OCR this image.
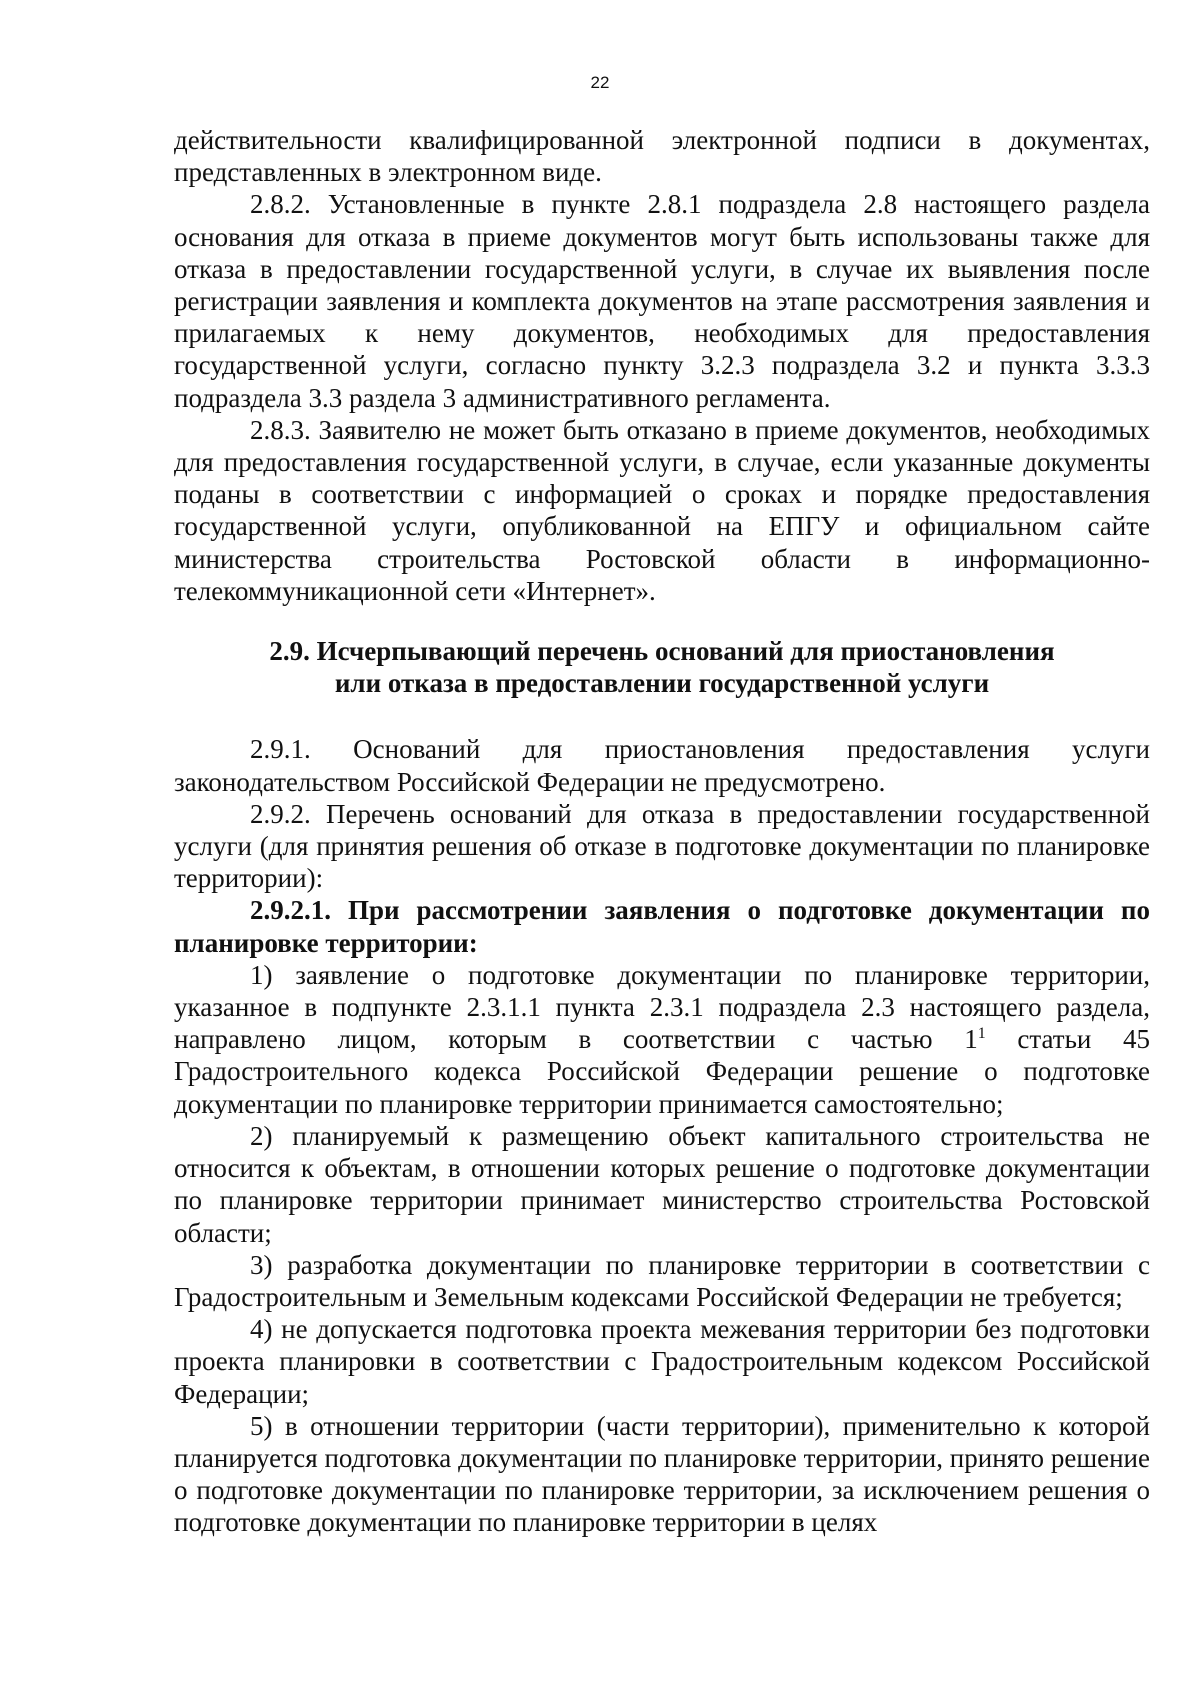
22

действительности квалифицированной электронной подписи в документах, представленных в электронном виде.

2.8.2. Установленные в пункте 2.8.1 подраздела 2.8 настоящего раздела основания для отказа в приеме документов могут быть использованы также для отказа в предоставлении государственной услуги, в случае их выявления после регистрации заявления и комплекта документов на этапе рассмотрения заявления и прилагаемых к нему документов, необходимых для предоставления государственной услуги, согласно пункту 3.2.3 подраздела 3.2 и пункта 3.3.3 подраздела 3.3 раздела 3 административного регламента.

2.8.3. Заявителю не может быть отказано в приеме документов, необходимых для предоставления государственной услуги, в случае, если указанные документы поданы в соответствии с информацией о сроках и порядке предоставления государственной услуги, опубликованной на ЕПГУ и официальном сайте министерства строительства Ростовской области в информационно-телекоммуникационной сети «Интернет».

2.9. Исчерпывающий перечень оснований для приостановления
или отказа в предоставлении государственной услуги

2.9.1. Оснований для приостановления предоставления услуги законодательством Российской Федерации не предусмотрено.

2.9.2. Перечень оснований для отказа в предоставлении государственной услуги (для принятия решения об отказе в подготовке документации по планировке территории):

2.9.2.1. При рассмотрении заявления о подготовке документации по планировке территории:

1) заявление о подготовке документации по планировке территории, указанное в подпункте 2.3.1.1 пункта 2.3.1 подраздела 2.3 настоящего раздела, направлено лицом, которым в соответствии с частью $1^1$ статьи 45 Градостроительного кодекса Российской Федерации решение о подготовке документации по планировке территории принимается самостоятельно;

2) планируемый к размещению объект капитального строительства не относится к объектам, в отношении которых решение о подготовке документации по планировке территории принимает министерство строительства Ростовской области;

3) разработка документации по планировке территории в соответствии с Градостроительным и Земельным кодексами Российской Федерации не требуется;

4) не допускается подготовка проекта межевания территории без подготовки проекта планировки в соответствии с Градостроительным кодексом Российской Федерации;

5) в отношении территории (части территории), применительно к которой планируется подготовка документации по планировке территории, принято решение о подготовке документации по планировке территории, за исключением решения о подготовке документации по планировке территории в целях
